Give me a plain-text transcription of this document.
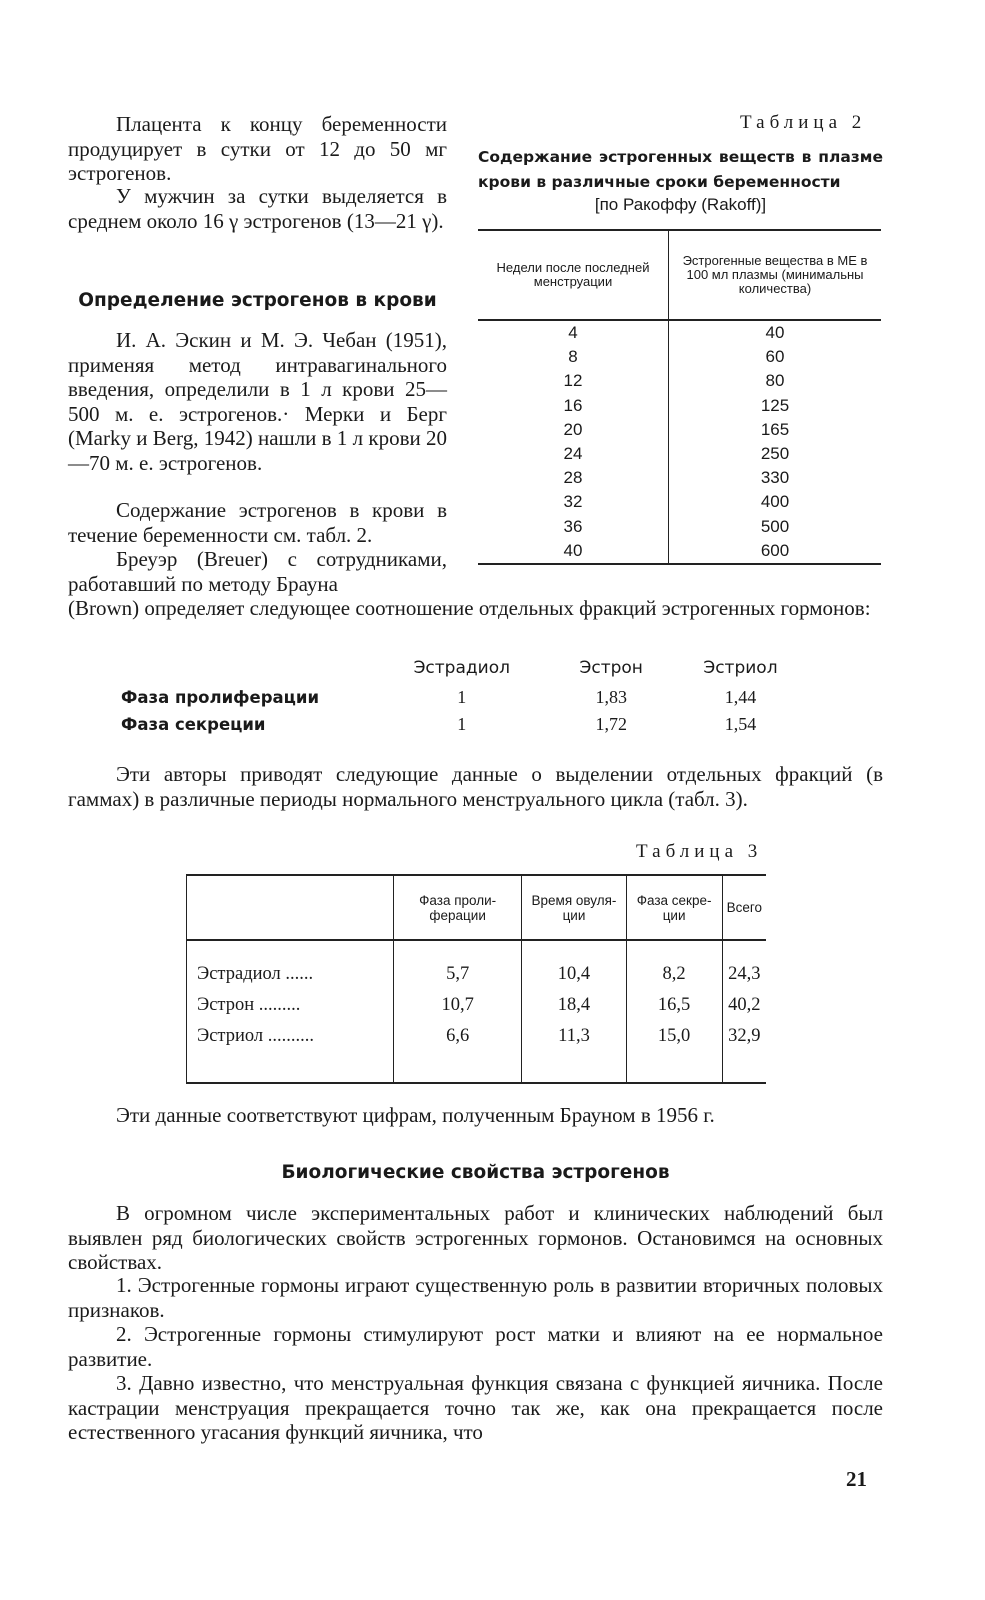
Плацента к концу беременности продуцирует в сутки от 12 до 50 мг эстрогенов.

У мужчин за сутки выделяется в среднем около 16 γ эстрогенов (13—21 γ).

Определение эстрогенов в крови

И. А. Эскин и М. Э. Чебан (1951), применяя метод интравагинального введения, определили в 1 л крови 25—500 м. е. эстрогенов.· Мерки и Берг (Marky и Berg, 1942) нашли в 1 л крови 20—70 м. е. эстрогенов.

Содержание эстрогенов в крови в течение беременности см. табл. 2.

Бреуэр (Breuer) с сотрудниками, работавший по методу Брауна

Таблица 2

Содержание эстрогенных веществ в плазме крови в различные сроки беременности

[по Ракоффу (Rakoff)]
Недели после последней менструации	Эстрогенные вещества в МЕ в 100 мл плазмы (минимальны количества)
4	40
8	60
12	80
16	125
20	165
24	250
28	330
32	400
36	500
40	600

(Brown) определяет следующее соотношение отдельных фракций эстрогенных гормонов:

	Эстрадиол	Эстрон	Эстриол
Фаза пролиферации	1	1,83	1,44
Фаза секреции	1	1,72	1,54

Эти авторы приводят следующие данные о выделении отдельных фракций (в гаммах) в различные периоды нормального менструального цикла (табл. 3).

Таблица 3
	Фаза проли-ферации	Время овуля-ции	Фаза секре-ции	Всего

Эстрадиол ......	5,7	10,4	8,2	24,3
Эстрон .........	10,7	18,4	16,5	40,2
Эстриол ..........	6,6	11,3	15,0	32,9

Эти данные соответствуют цифрам, полученным Брауном в 1956 г.

Биологические свойства эстрогенов

В огромном числе экспериментальных работ и клинических наблюдений был выявлен ряд биологических свойств эстрогенных гормонов. Остановимся на основных свойствах.

1. Эстрогенные гормоны играют существенную роль в развитии вторичных половых признаков.

2. Эстрогенные гормоны стимулируют рост матки и влияют на ее нормальное развитие.

3. Давно известно, что менструальная функция связана с функцией яичника. После кастрации менструация прекращается точно так же, как она прекращается после естественного угасания функций яичника, что

21
